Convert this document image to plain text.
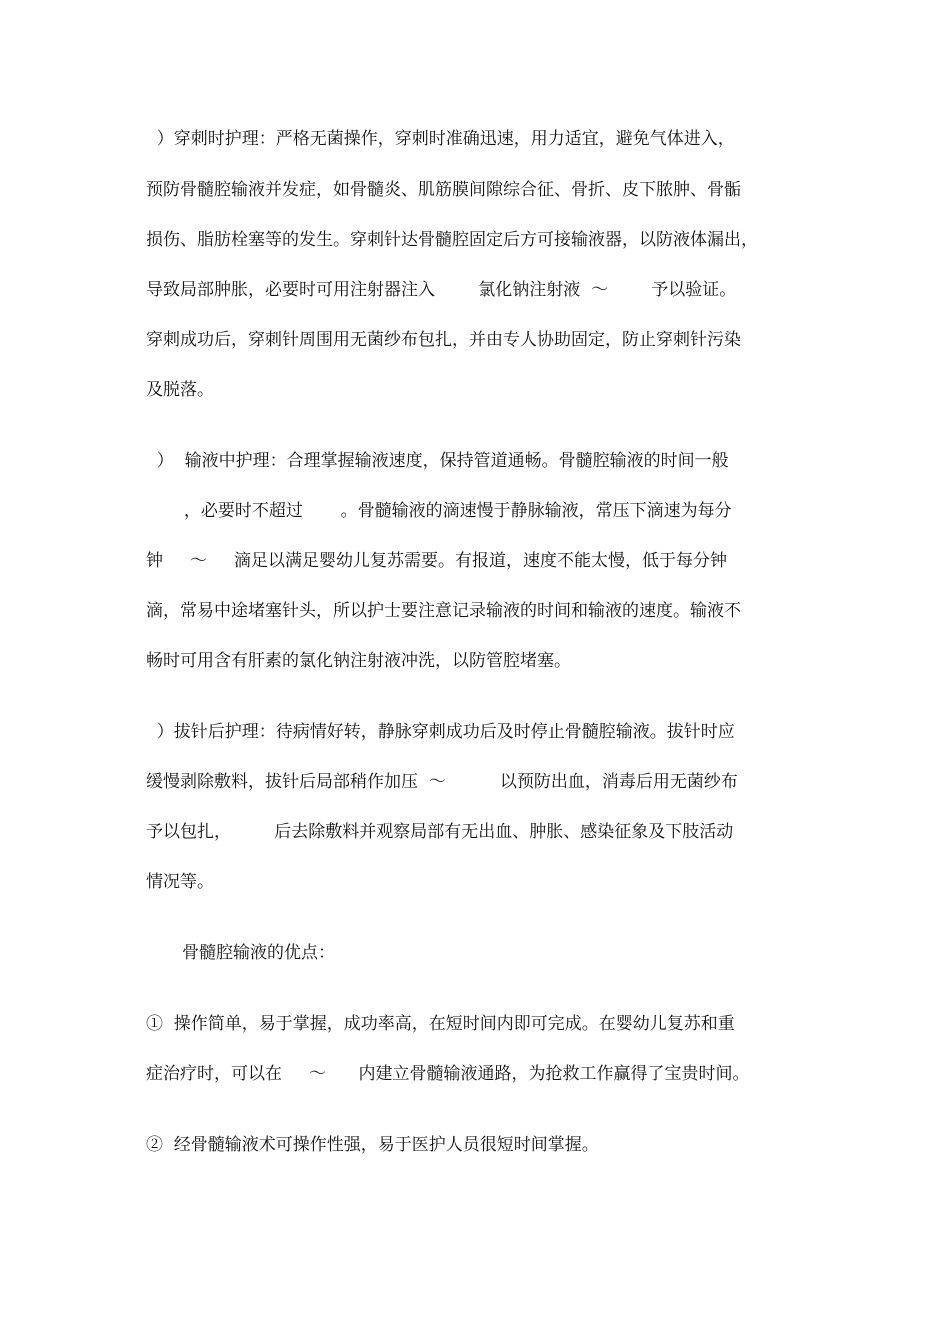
）穿刺时护理：严格无菌操作，穿刺时准确迅速，用力适宜，避免气体进入，
预防骨髓腔输液并发症，如骨髓炎、肌筋膜间隙综合征、骨折、皮下脓肿、骨骺
损伤、脂肪栓塞等的发生。穿刺针达骨髓腔固定后方可接输液器，以防液体漏出，
导致局部肿胀，必要时可用注射器注入        氯化钠注射液  ～        予以验证。
穿刺成功后，穿刺针周围用无菌纱布包扎，并由专人协助固定，防止穿刺针污染
及脱落。
）  输液中护理：合理掌握输液速度，保持管道通畅。骨髓腔输液的时间一般
，必要时不超过       。骨髓输液的滴速慢于静脉输液，常压下滴速为每分
钟     ～     滴足以满足婴幼儿复苏需要。有报道，速度不能太慢，低于每分钟
滴，常易中途堵塞针头，所以护士要注意记录输液的时间和输液的速度。输液不
畅时可用含有肝素的氯化钠注射液冲洗，以防管腔堵塞。
）拔针后护理：待病情好转，静脉穿刺成功后及时停止骨髓腔输液。拔针时应
缓慢剥除敷料，拔针后局部稍作加压  ～          以预防出血，消毒后用无菌纱布
予以包扎，        后去除敷料并观察局部有无出血、肿胀、感染征象及下肢活动
情况等。
骨髓腔输液的优点：
①  操作简单，易于掌握，成功率高，在短时间内即可完成。在婴幼儿复苏和重
症治疗时，可以在     ～      内建立骨髓输液通路，为抢救工作赢得了宝贵时间。
②  经骨髓输液术可操作性强，易于医护人员很短时间掌握。
